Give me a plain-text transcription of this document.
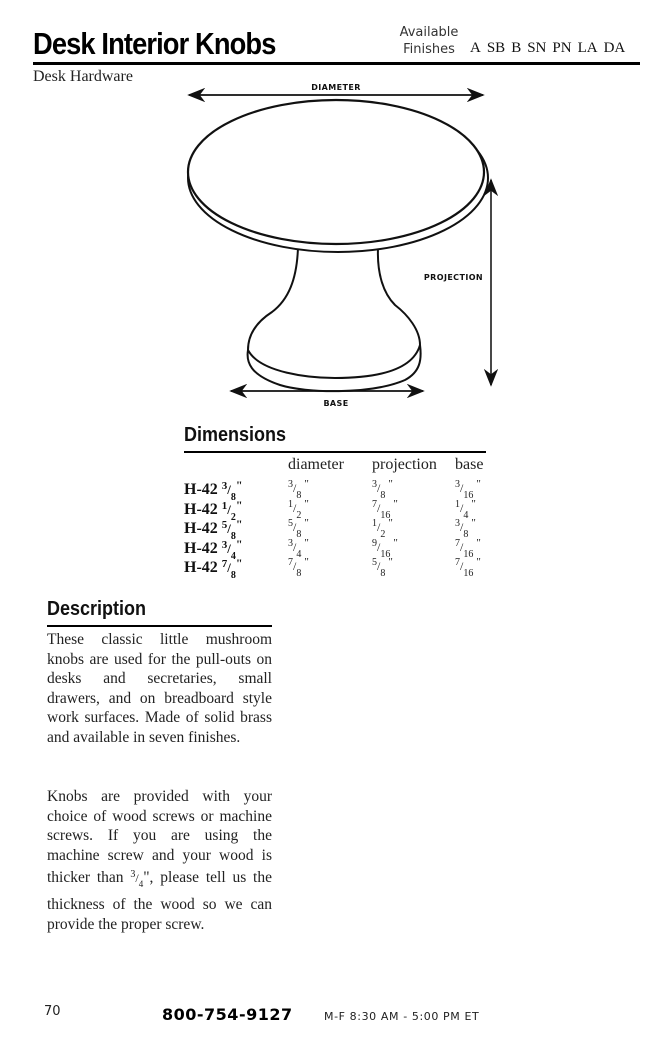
Desk Interior Knobs
Desk Hardware
Available
Finishes	A SB B SN PN LA DA
DIAMETER
PROJECTION
BASE
Dimensions
diameter projection base
H-42 $^3/_8^"$	$^3/_8^"$	$^3/_8^"$	$^3/_{16}^"$
H-42 $^1/_2^"$	$^1/_2^"$	$^7/_{16}^"$	$^1/_4^"$
H-42 $^5/_8^"$	$^5/_8^"$	$^1/_2^"$	$^3/_8^"$
H-42 $^3/_4^"$	$^3/_4^"$	$^9/_{16}^"$	$^7/_{16}^"$
H-42 $^7/_8^"$	$^7/_8^"$	$^5/_8^"$	$^7/_{16}^"$
Description
These classic little mushroom knobs are used for the pull-outs on desks and secretaries, small drawers, and on breadboard style work surfaces. Made of solid brass and available in seven finishes.
Knobs are provided with your choice of wood screws or machine screws. If you are using the machine screw and your wood is thicker than $^3/_4$", please tell us the thickness of the wood so we can provide the proper screw.
70	800-754-9127	M-F 8:30 AM - 5:00 PM ET
